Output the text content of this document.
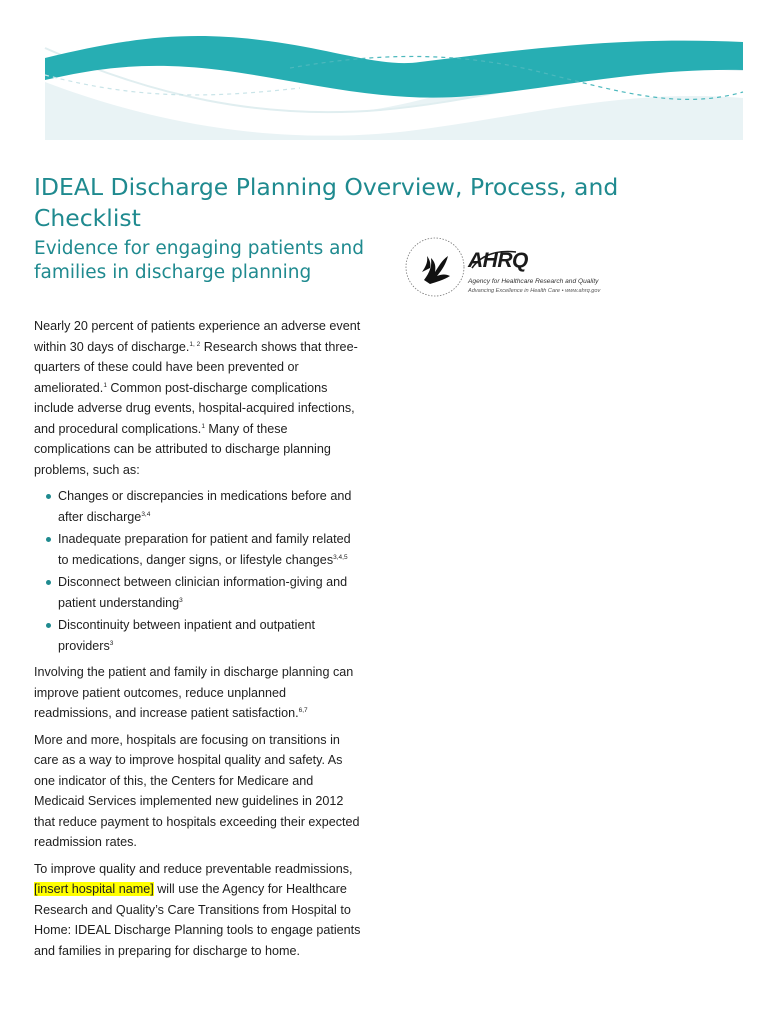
IDEAL Discharge Planning Overview, Process, and Checklist
Evidence for engaging patients and families in discharge planning
AHRQ
Agency for Healthcare Research and Quality
Advancing Excellence in Health Care • www.ahrq.gov

Nearly 20 percent of patients experience an adverse event within 30 days of discharge.$^{1, 2}$ Research shows that three-quarters of these could have been prevented or ameliorated.$^1$ Common post-discharge complications include adverse drug events, hospital-acquired infections, and procedural complications.$^1$ Many of these complications can be attributed to discharge planning problems, such as:

Changes or discrepancies in medications before and after discharge$^{3,4}$
Inadequate preparation for patient and family related to medications, danger signs, or lifestyle changes$^{3,4,5}$
Disconnect between clinician information-giving and patient understanding$^3$
Discontinuity between inpatient and outpatient providers$^3$

Involving the patient and family in discharge planning can improve patient outcomes, reduce unplanned readmissions, and increase patient satisfaction.$^{6,7}$

More and more, hospitals are focusing on transitions in care as a way to improve hospital quality and safety. As one indicator of this, the Centers for Medicare and Medicaid Services implemented new guidelines in 2012 that reduce payment to hospitals exceeding their expected readmission rates.

To improve quality and reduce preventable readmissions, [insert hospital name] will use the Agency for Healthcare Research and Quality’s Care Transitions from Hospital to Home: IDEAL Discharge Planning tools to engage patients and families in preparing for discharge to home.
